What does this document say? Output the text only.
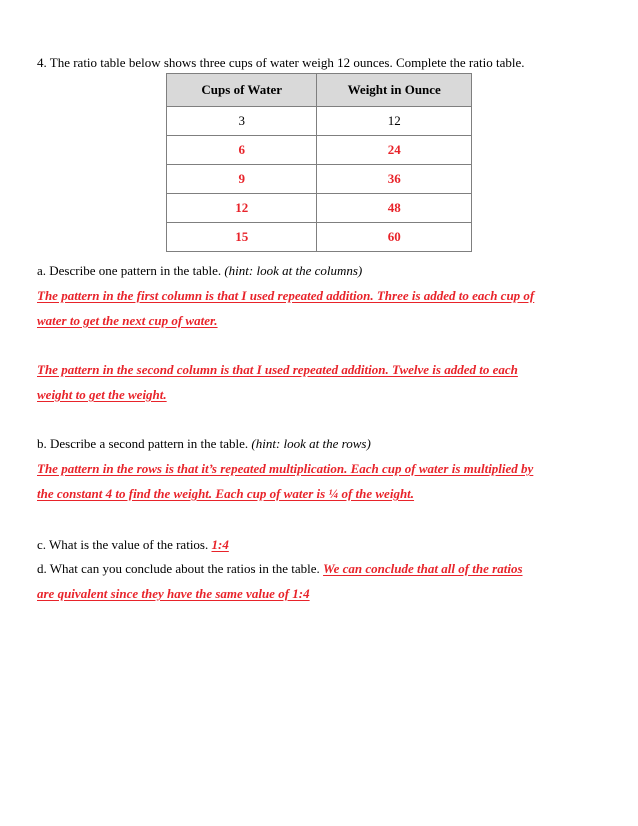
4. The ratio table below shows three cups of water weigh 12 ounces. Complete the ratio table.
Cups of Water	Weight in Ounce
3	12
6	24
9	36
12	48
15	60
a. Describe one pattern in the table. (hint: look at the columns)
The pattern in the first column is that I used repeated addition. Three is added to each cup of
water to get the next cup of water.
The pattern in the second column is that I used repeated addition. Twelve is added to each
weight to get the weight.
b. Describe a second pattern in the table. (hint: look at the rows)
The pattern in the rows is that it’s repeated multiplication. Each cup of water is multiplied by
the constant 4 to find the weight. Each cup of water is ¼ of the weight.
c. What is the value of the ratios. 1:4
d. What can you conclude about the ratios in the table. We can conclude that all of the ratios
are quivalent since they have the same value of 1:4
